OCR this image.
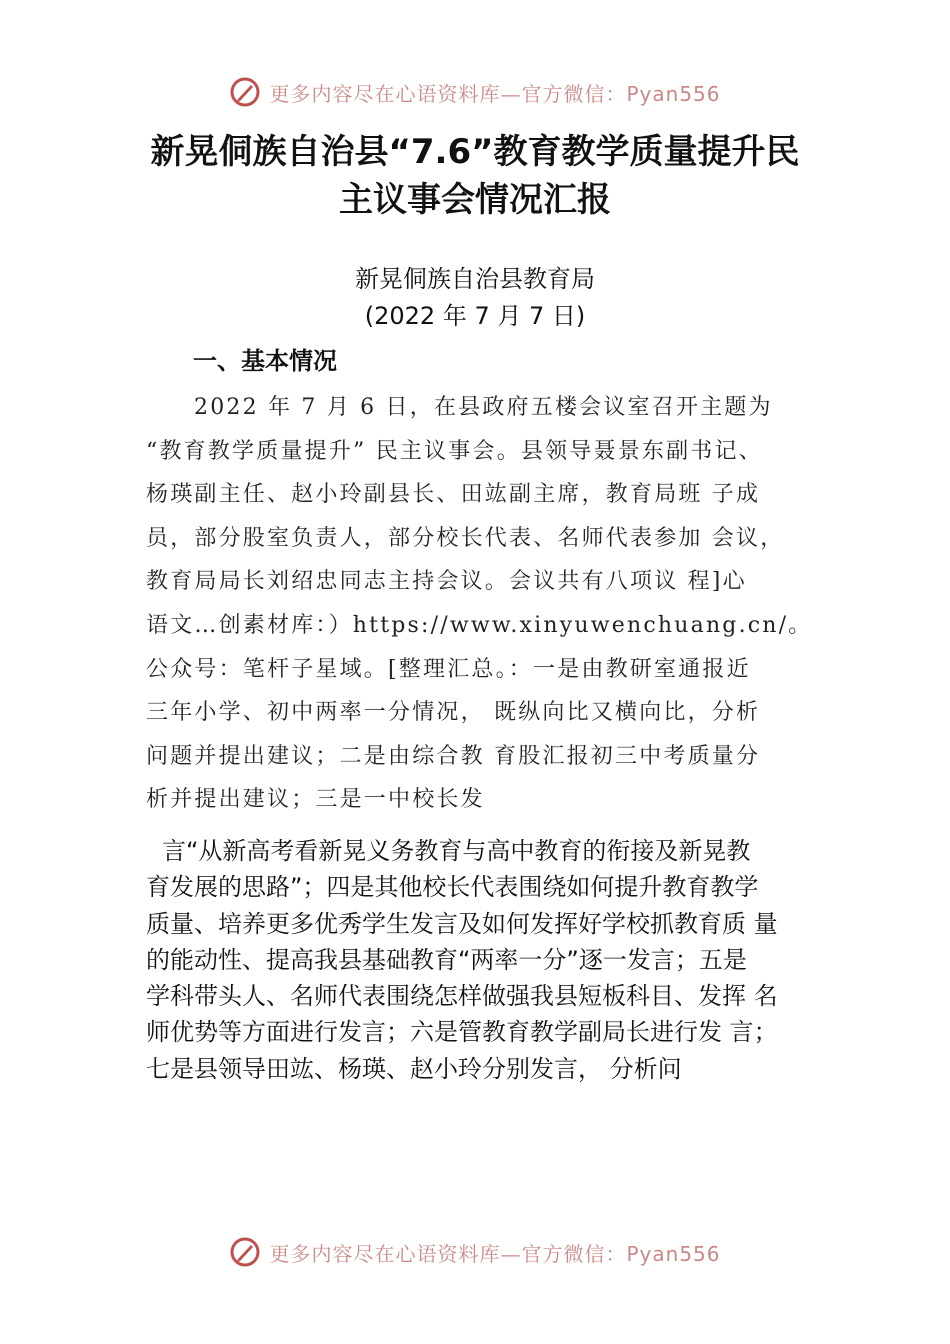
更多内容尽在心语资料库—官方微信：Pyan556
新晃侗族自治县“7.6”教育教学质量提升民
主议事会情况汇报
新晃侗族自治县教育局
(2022 年 7 月 7 日)
一、基本情况
2022 年 7 月 6 日，在县政府五楼会议室召开主题为
“教育教学质量提升” 民主议事会。县领导聂景东副书记、
杨瑛副主任、赵小玲副县长、田竑副主席，教育局班 子成
员，部分股室负责人，部分校长代表、名师代表参加 会议，
教育局局长刘绍忠同志主持会议。会议共有八项议 程]心
语文…创素材库：）https://www.xinyuwenchuang.cn/。
公众号：笔杆子星域。[整理汇总。：一是由教研室通报近
三年小学、初中两率一分情况， 既纵向比又横向比，分析
问题并提出建议；二是由综合教 育股汇报初三中考质量分
析并提出建议；三是一中校长发
言“从新高考看新晃义务教育与高中教育的衔接及新晃教
育发展的思路”；四是其他校长代表围绕如何提升教育教学
质量、培养更多优秀学生发言及如何发挥好学校抓教育质 量
的能动性、提高我县基础教育“两率一分”逐一发言；五是
学科带头人、名师代表围绕怎样做强我县短板科目、发挥 名
师优势等方面进行发言；六是管教育教学副局长进行发 言；
七是县领导田竑、杨瑛、赵小玲分别发言， 分析问
更多内容尽在心语资料库—官方微信：Pyan556
